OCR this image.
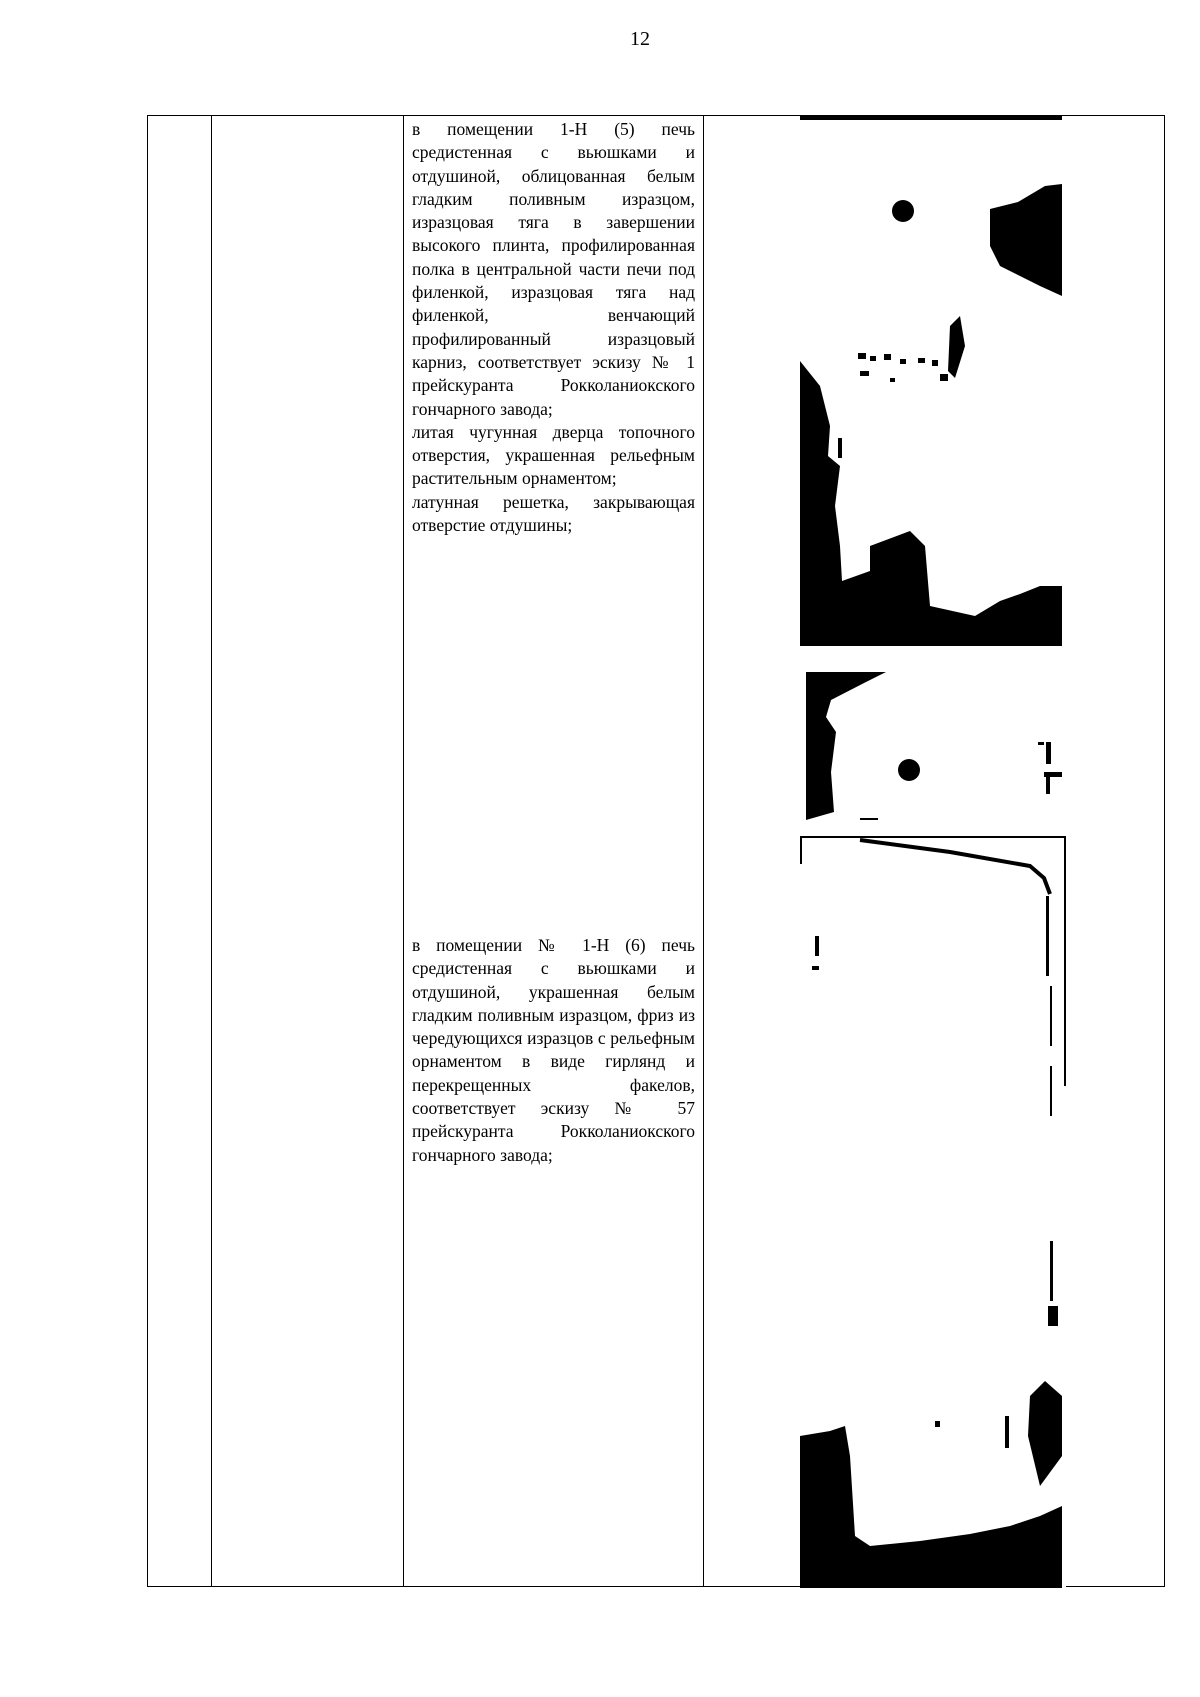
12

в помещении 1-Н (5) печь средистенная с вьюшками и отдушиной, облицованная белым гладким поливным изразцом, изразцовая тяга в завершении высокого плинта, профилированная полка в центральной части печи под филенкой, изразцовая тяга над филенкой, венчающий профилированный изразцовый карниз, соответствует эскизу № 1 прейскуранта Рокколаниокского гончарного завода;

литая чугунная дверца топочного отверстия, украшенная рельефным растительным орнаментом;

латунная решетка, закрывающая отверстие отдушины;

в помещении № 1-Н (6) печь средистенная с вьюшками и отдушиной, украшенная белым гладким поливным изразцом, фриз из чередующихся изразцов с рельефным орнаментом в виде гирлянд и перекрещенных факелов, соответствует эскизу № 57 прейскуранта Рокколаниокского гончарного завода;
